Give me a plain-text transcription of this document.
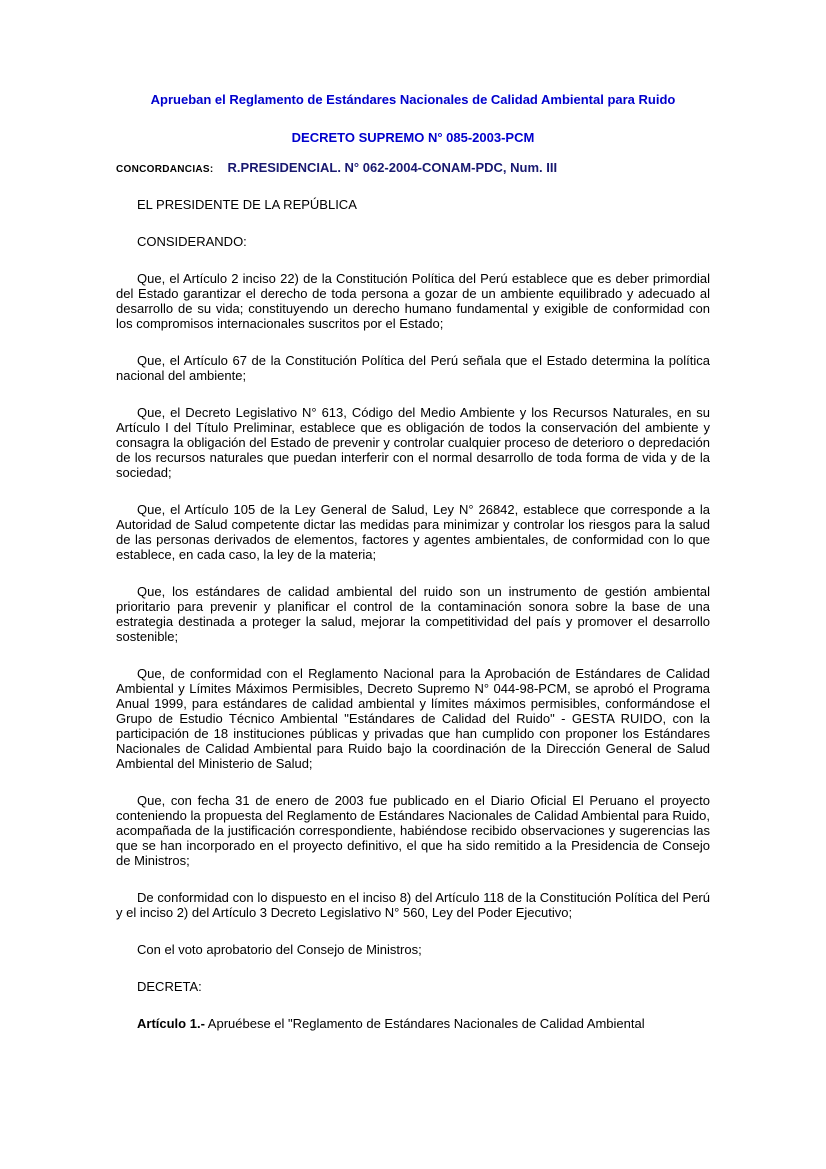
Aprueban el Reglamento de Estándares Nacionales de Calidad Ambiental para Ruido

DECRETO SUPREMO N° 085-2003-PCM

CONCORDANCIAS: R.PRESIDENCIAL. N° 062-2004-CONAM-PDC, Num. III

EL PRESIDENTE DE LA REPÚBLICA

CONSIDERANDO:

Que, el Artículo 2 inciso 22) de la Constitución Política del Perú establece que es deber primordial del Estado garantizar el derecho de toda persona a gozar de un ambiente equilibrado y adecuado al desarrollo de su vida; constituyendo un derecho humano fundamental y exigible de conformidad con los compromisos internacionales suscritos por el Estado;

Que, el Artículo 67 de la Constitución Política del Perú señala que el Estado determina la política nacional del ambiente;

Que, el Decreto Legislativo N° 613, Código del Medio Ambiente y los Recursos Naturales, en su Artículo I del Título Preliminar, establece que es obligación de todos la conservación del ambiente y consagra la obligación del Estado de prevenir y controlar cualquier proceso de deterioro o depredación de los recursos naturales que puedan interferir con el normal desarrollo de toda forma de vida y de la sociedad;

Que, el Artículo 105 de la Ley General de Salud, Ley N° 26842, establece que corresponde a la Autoridad de Salud competente dictar las medidas para minimizar y controlar los riesgos para la salud de las personas derivados de elementos, factores y agentes ambientales, de conformidad con lo que establece, en cada caso, la ley de la materia;

Que, los estándares de calidad ambiental del ruido son un instrumento de gestión ambiental prioritario para prevenir y planificar el control de la contaminación sonora sobre la base de una estrategia destinada a proteger la salud, mejorar la competitividad del país y promover el desarrollo sostenible;

Que, de conformidad con el Reglamento Nacional para la Aprobación de Estándares de Calidad Ambiental y Límites Máximos Permisibles, Decreto Supremo N° 044-98-PCM, se aprobó el Programa Anual 1999, para estándares de calidad ambiental y límites máximos permisibles, conformándose el Grupo de Estudio Técnico Ambiental "Estándares de Calidad del Ruido" - GESTA RUIDO, con la participación de 18 instituciones públicas y privadas que han cumplido con proponer los Estándares Nacionales de Calidad Ambiental para Ruido bajo la coordinación de la Dirección General de Salud Ambiental del Ministerio de Salud;

Que, con fecha 31 de enero de 2003 fue publicado en el Diario Oficial El Peruano el proyecto conteniendo la propuesta del Reglamento de Estándares Nacionales de Calidad Ambiental para Ruido, acompañada de la justificación correspondiente, habiéndose recibido observaciones y sugerencias las que se han incorporado en el proyecto definitivo, el que ha sido remitido a la Presidencia de Consejo de Ministros;

De conformidad con lo dispuesto en el inciso 8) del Artículo 118 de la Constitución Política del Perú y el inciso 2) del Artículo 3 Decreto Legislativo N° 560, Ley del Poder Ejecutivo;

Con el voto aprobatorio del Consejo de Ministros;

DECRETA:

Artículo 1.- Apruébese el "Reglamento de Estándares Nacionales de Calidad Ambiental
